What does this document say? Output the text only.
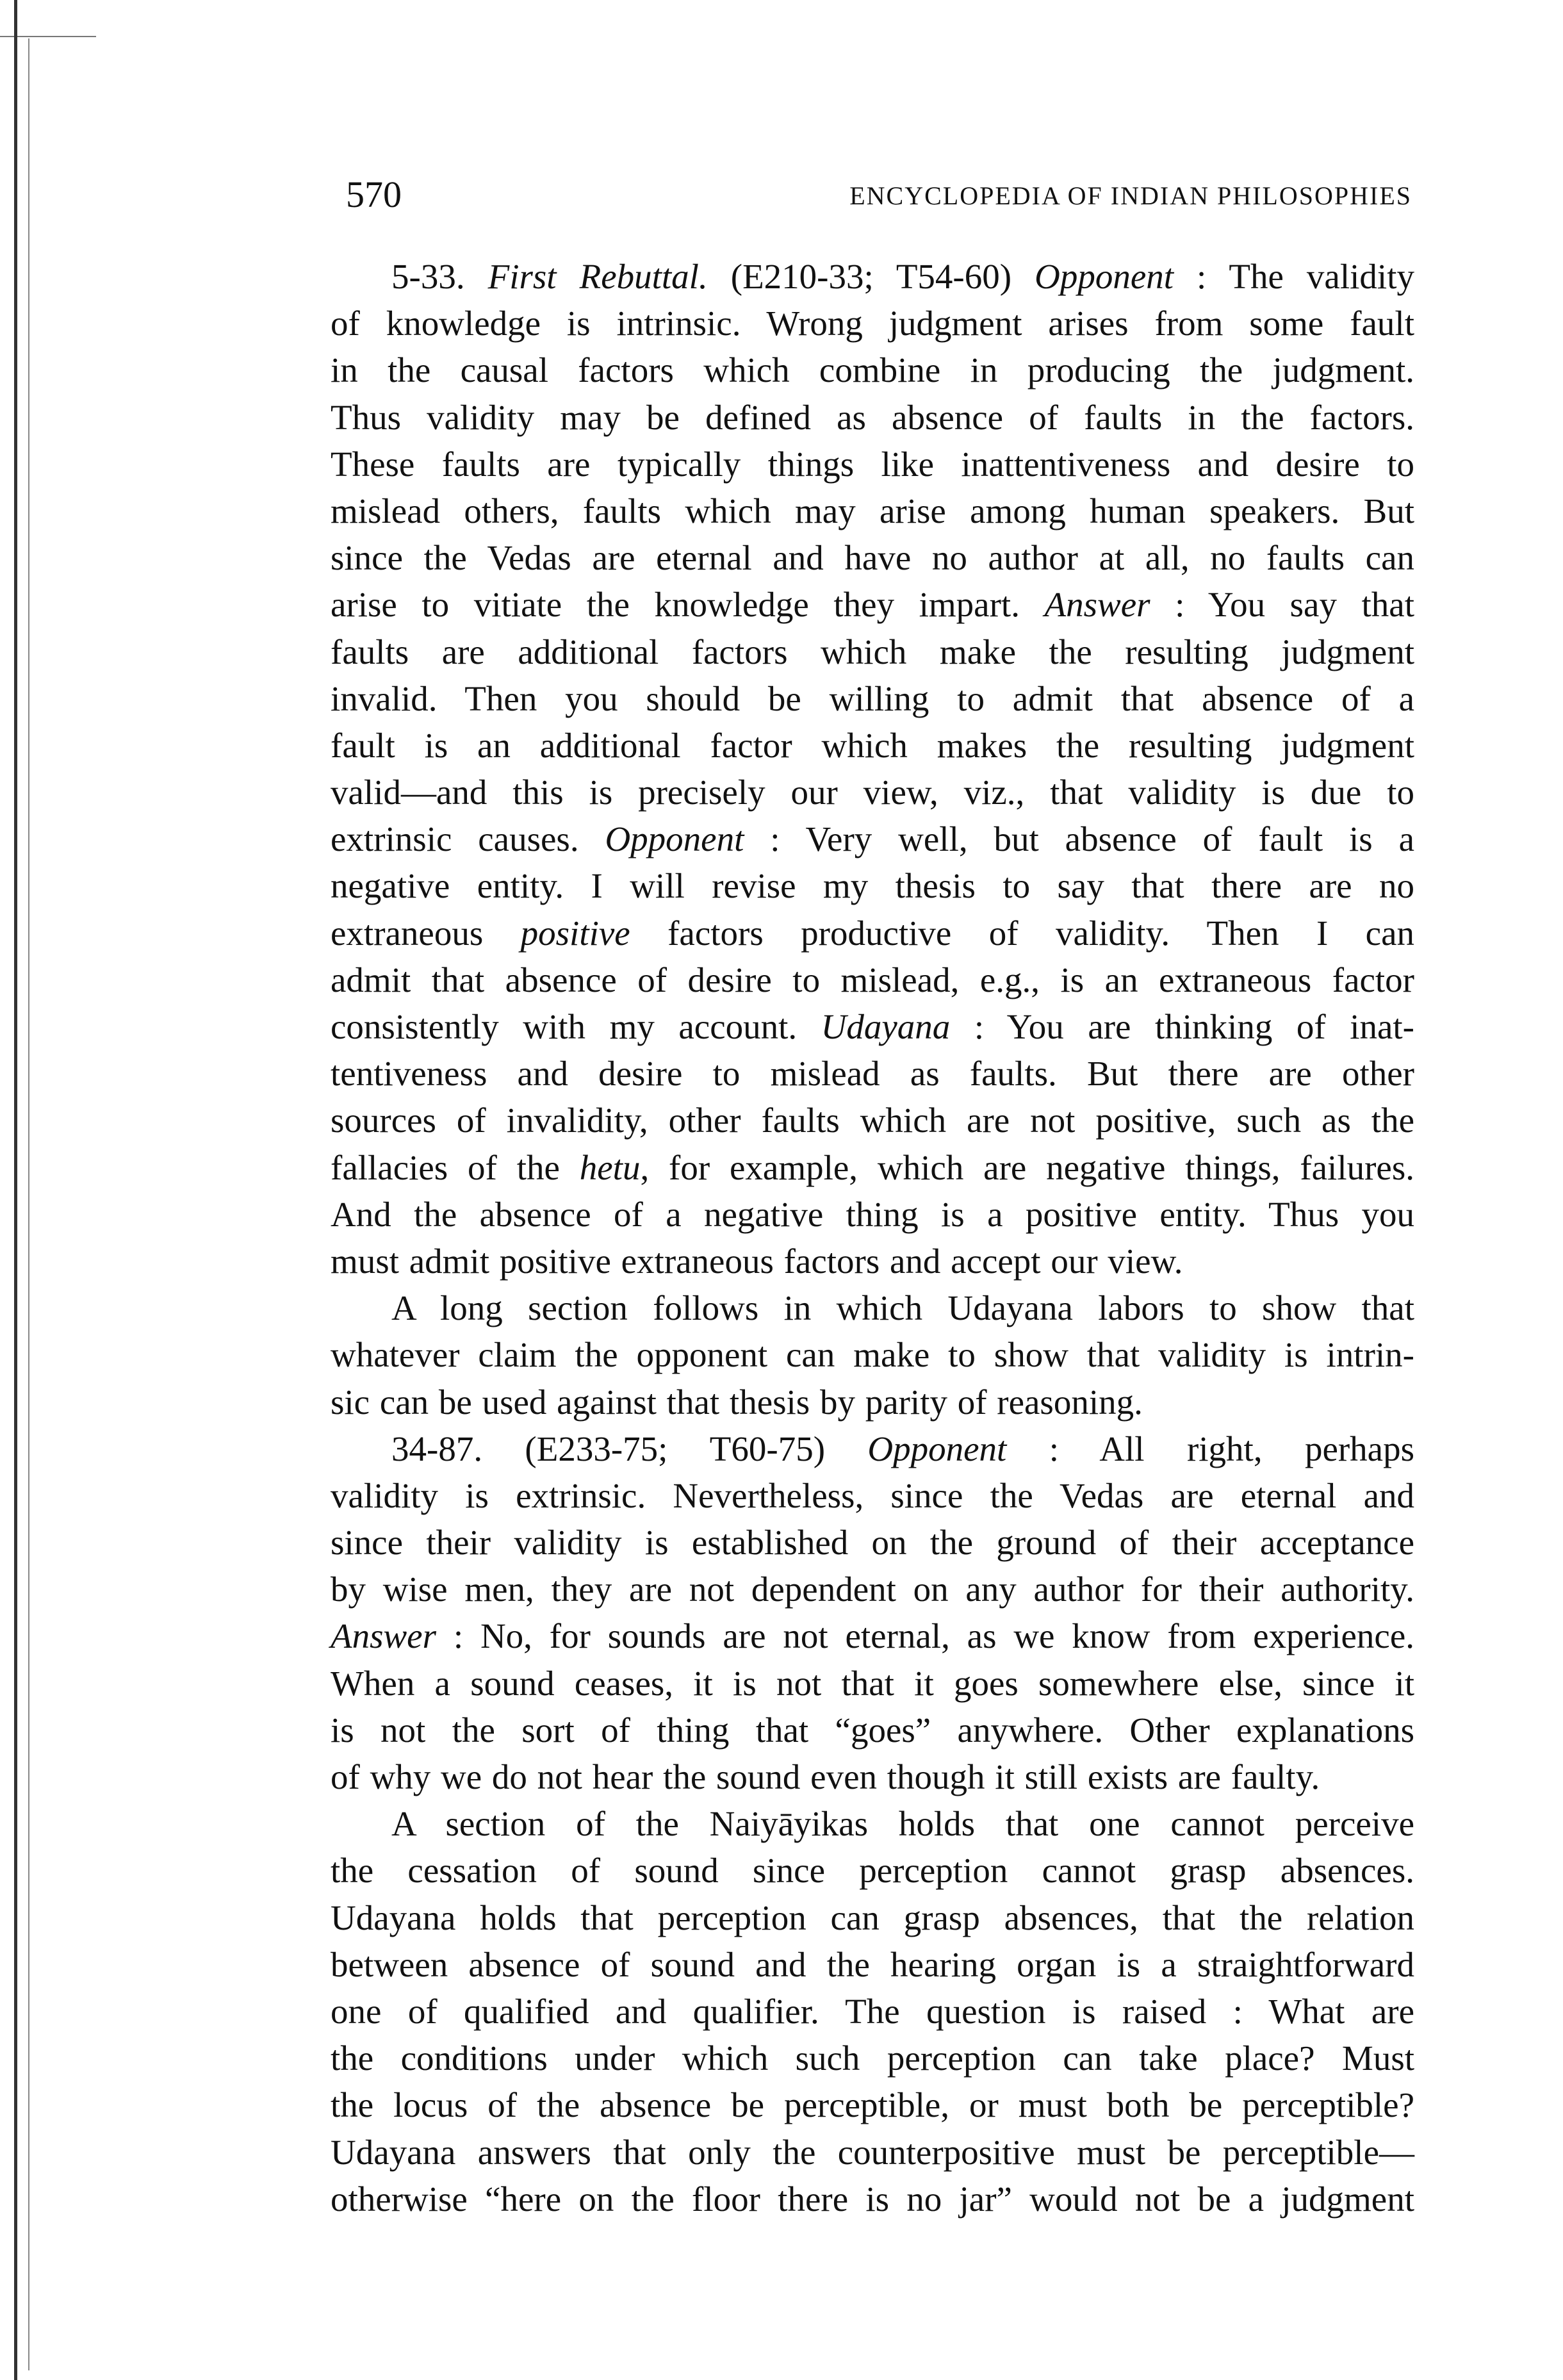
570	ENCYCLOPEDIA OF INDIAN PHILOSOPHIES
5-33. First Rebuttal. (E210-33; T54-60) Opponent : The validity
of knowledge is intrinsic. Wrong judgment arises from some fault
in the causal factors which combine in producing the judgment.
Thus validity may be defined as absence of faults in the factors.
These faults are typically things like inattentiveness and desire to
mislead others, faults which may arise among human speakers. But
since the Vedas are eternal and have no author at all, no faults can
arise to vitiate the knowledge they impart. Answer : You say that
faults are additional factors which make the resulting judgment
invalid. Then you should be willing to admit that absence of a
fault is an additional factor which makes the resulting judgment
valid—and this is precisely our view, viz., that validity is due to
extrinsic causes. Opponent : Very well, but absence of fault is a
negative entity. I will revise my thesis to say that there are no
extraneous positive factors productive of validity. Then I can
admit that absence of desire to mislead, e.g., is an extraneous factor
consistently with my account. Udayana : You are thinking of inat-
tentiveness and desire to mislead as faults. But there are other
sources of invalidity, other faults which are not positive, such as the
fallacies of the hetu, for example, which are negative things, failures.
And the absence of a negative thing is a positive entity. Thus you
must admit positive extraneous factors and accept our view.
A long section follows in which Udayana labors to show that
whatever claim the opponent can make to show that validity is intrin-
sic can be used against that thesis by parity of reasoning.
34-87. (E233-75; T60-75) Opponent : All right, perhaps
validity is extrinsic. Nevertheless, since the Vedas are eternal and
since their validity is established on the ground of their acceptance
by wise men, they are not dependent on any author for their authority.
Answer : No, for sounds are not eternal, as we know from experience.
When a sound ceases, it is not that it goes somewhere else, since it
is not the sort of thing that “goes” anywhere. Other explanations
of why we do not hear the sound even though it still exists are faulty.
A section of the Naiyāyikas holds that one cannot perceive
the cessation of sound since perception cannot grasp absences.
Udayana holds that perception can grasp absences, that the relation
between absence of sound and the hearing organ is a straightforward
one of qualified and qualifier. The question is raised : What are
the conditions under which such perception can take place? Must
the locus of the absence be perceptible, or must both be perceptible?
Udayana answers that only the counterpositive must be perceptible—
otherwise “here on the floor there is no jar” would not be a judgment
